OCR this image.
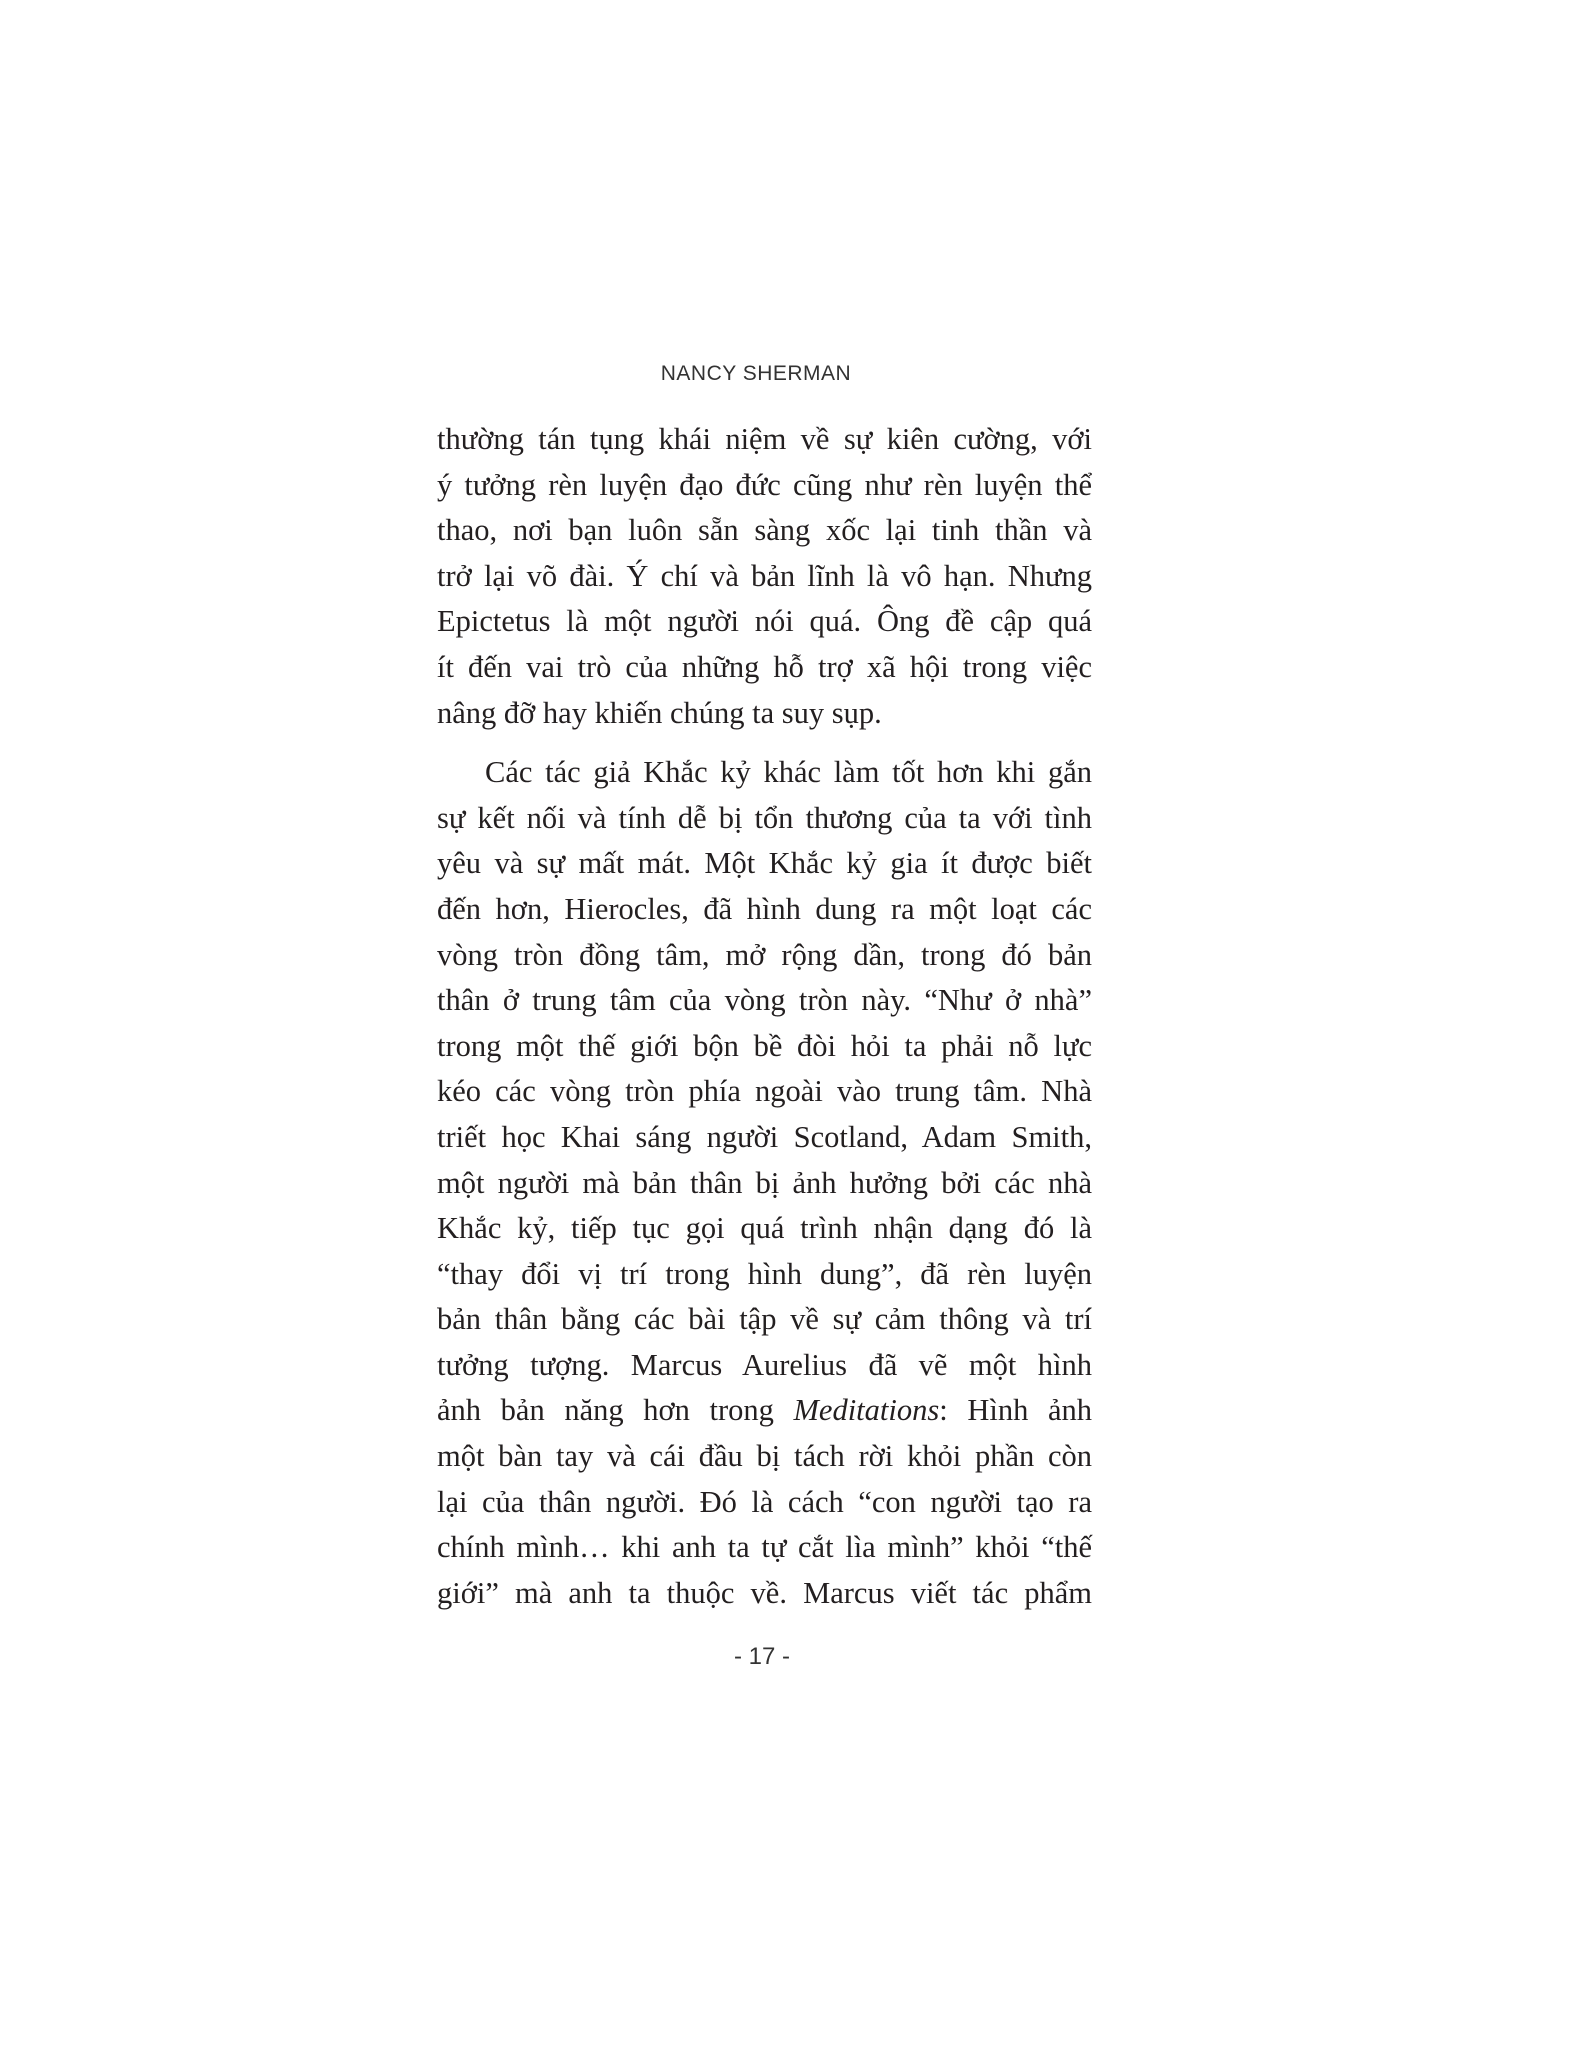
NANCY SHERMAN
thường tán tụng khái niệm về sự kiên cường, với
ý tưởng rèn luyện đạo đức cũng như rèn luyện thể
thao, nơi bạn luôn sẵn sàng xốc lại tinh thần và
trở lại võ đài. Ý chí và bản lĩnh là vô hạn. Nhưng
Epictetus là một người nói quá. Ông đề cập quá
ít đến vai trò của những hỗ trợ xã hội trong việc
nâng đỡ hay khiến chúng ta suy sụp.
Các tác giả Khắc kỷ khác làm tốt hơn khi gắn
sự kết nối và tính dễ bị tổn thương của ta với tình
yêu và sự mất mát. Một Khắc kỷ gia ít được biết
đến hơn, Hierocles, đã hình dung ra một loạt các
vòng tròn đồng tâm, mở rộng dần, trong đó bản
thân ở trung tâm của vòng tròn này. “Như ở nhà”
trong một thế giới bộn bề đòi hỏi ta phải nỗ lực
kéo các vòng tròn phía ngoài vào trung tâm. Nhà
triết học Khai sáng người Scotland, Adam Smith,
một người mà bản thân bị ảnh hưởng bởi các nhà
Khắc kỷ, tiếp tục gọi quá trình nhận dạng đó là
“thay đổi vị trí trong hình dung”, đã rèn luyện
bản thân bằng các bài tập về sự cảm thông và trí
tưởng tượng. Marcus Aurelius đã vẽ một hình
ảnh bản năng hơn trong Meditations: Hình ảnh
một bàn tay và cái đầu bị tách rời khỏi phần còn
lại của thân người. Đó là cách “con người tạo ra
chính mình… khi anh ta tự cắt lìa mình” khỏi “thế
giới” mà anh ta thuộc về. Marcus viết tác phẩm
- 17 -
